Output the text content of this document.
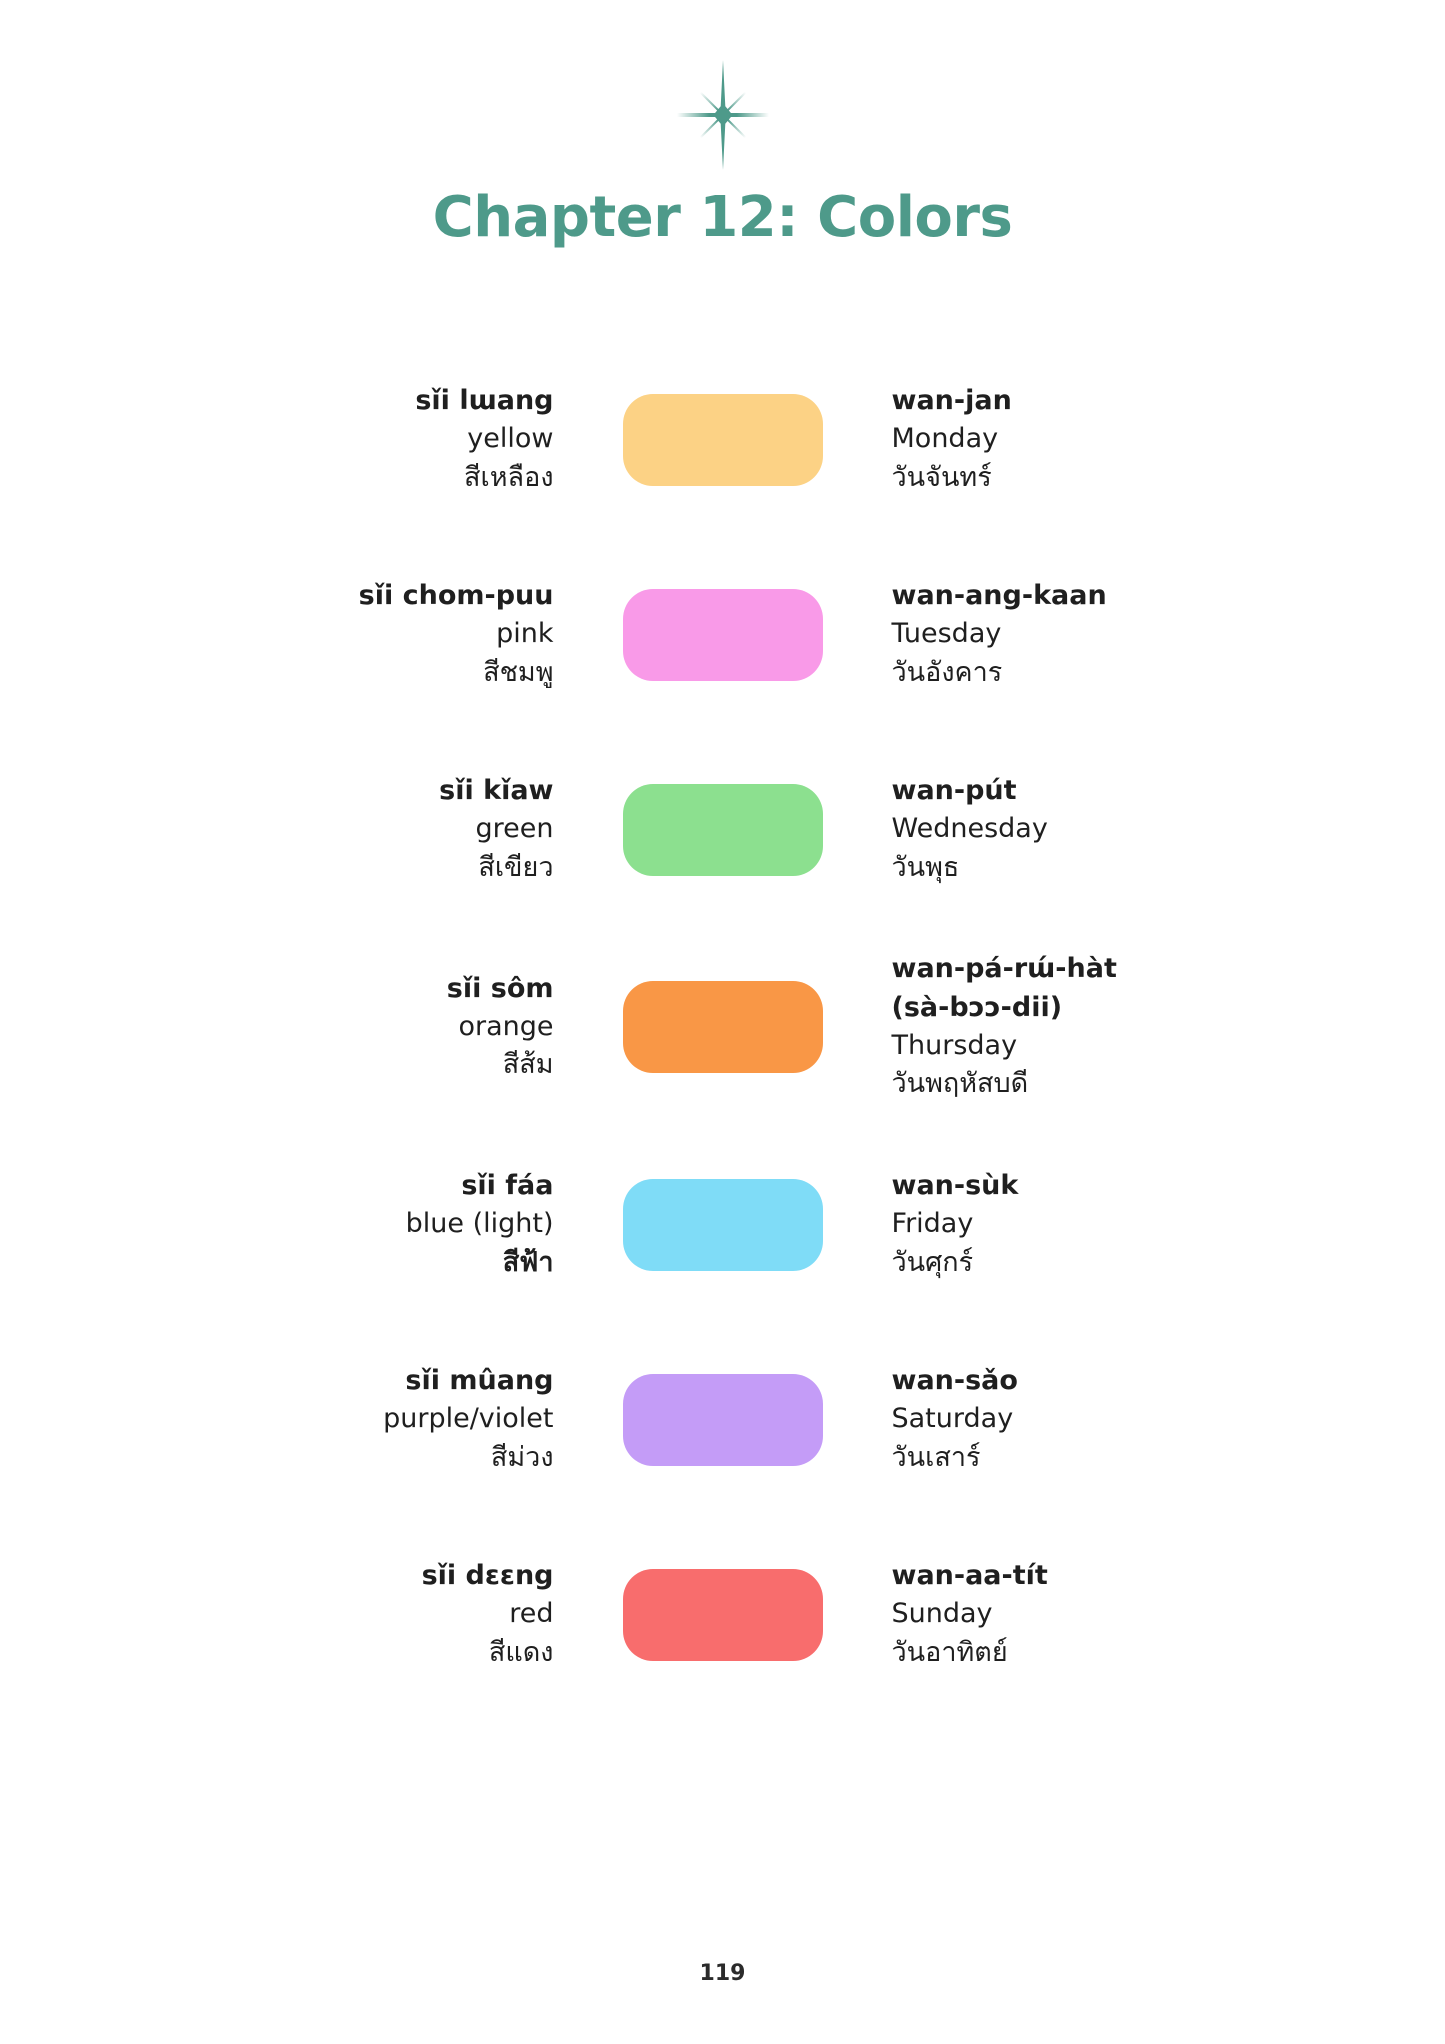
Chapter 12: Colors
sǐi lɯang
yellow
สีเหลือง
wan-jan
Monday
วันจันทร์
sǐi chom-puu
pink
สีชมพู
wan-ang-kaan
Tuesday
วันอังคาร
sǐi kǐaw
green
สีเขียว
wan-pút
Wednesday
วันพุธ
sǐi sôm
orange
สีส้ม
wan-pá-rɯ́-hàt
(sà-bɔɔ-dii)
Thursday
วันพฤหัสบดี
sǐi fáa
blue (light)
สีฟ้า
wan-sùk
Friday
วันศุกร์
sǐi mûang
purple/violet
สีม่วง
wan-sǎo
Saturday
วันเสาร์
sǐi dɛɛng
red
สีแดง
wan-aa-tít
Sunday
วันอาทิตย์
119
